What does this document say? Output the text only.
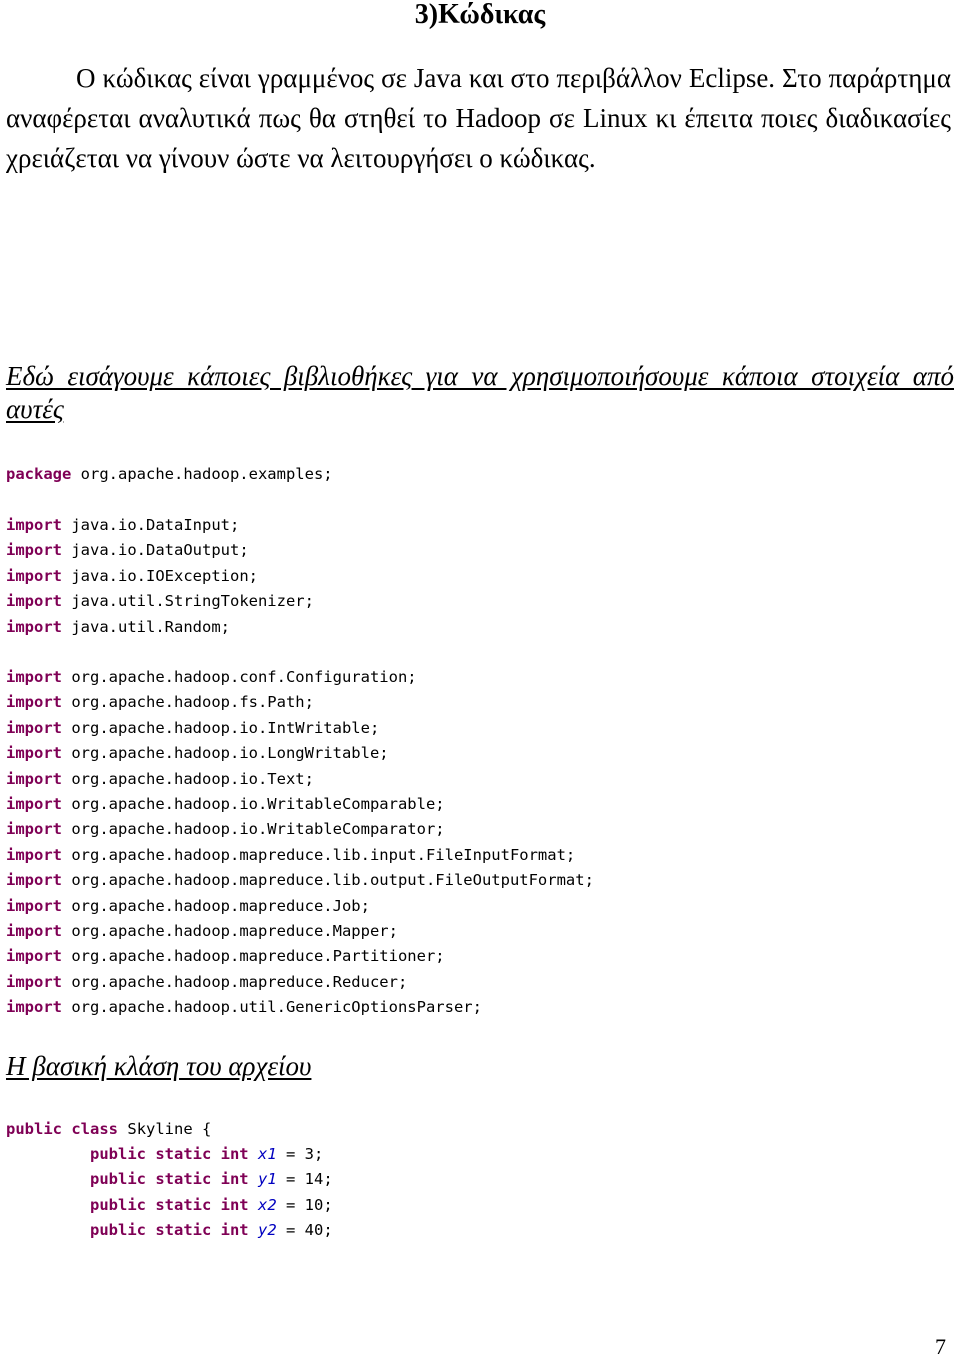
3)Κώδικας

Ο κώδικας είναι γραμμένος σε Java και στο περιβάλλον Eclipse. Στο παράρτημα αναφέρεται αναλυτικά πως θα στηθεί το Hadoop σε Linux κι έπειτα ποιες διαδικασίες χρειάζεται να γίνουν ώστε να λειτουργήσει ο κώδικας.

Εδώ εισάγουμε κάποιες βιβλιοθήκες για να χρησιμοποιήσουμε κάποια στοιχεία από αυτές
package org.apache.hadoop.examples;
import java.io.DataInput;
import java.io.DataOutput;
import java.io.IOException;
import java.util.StringTokenizer;
import java.util.Random;
import org.apache.hadoop.conf.Configuration;
import org.apache.hadoop.fs.Path;
import org.apache.hadoop.io.IntWritable;
import org.apache.hadoop.io.LongWritable;
import org.apache.hadoop.io.Text;
import org.apache.hadoop.io.WritableComparable;
import org.apache.hadoop.io.WritableComparator;
import org.apache.hadoop.mapreduce.lib.input.FileInputFormat;
import org.apache.hadoop.mapreduce.lib.output.FileOutputFormat;
import org.apache.hadoop.mapreduce.Job;
import org.apache.hadoop.mapreduce.Mapper;
import org.apache.hadoop.mapreduce.Partitioner;
import org.apache.hadoop.mapreduce.Reducer;
import org.apache.hadoop.util.GenericOptionsParser;
Η βασική κλάση του αρχείου
public class Skyline {
public static int x1 = 3;
public static int y1 = 14;
public static int x2 = 10;
public static int y2 = 40;
7
